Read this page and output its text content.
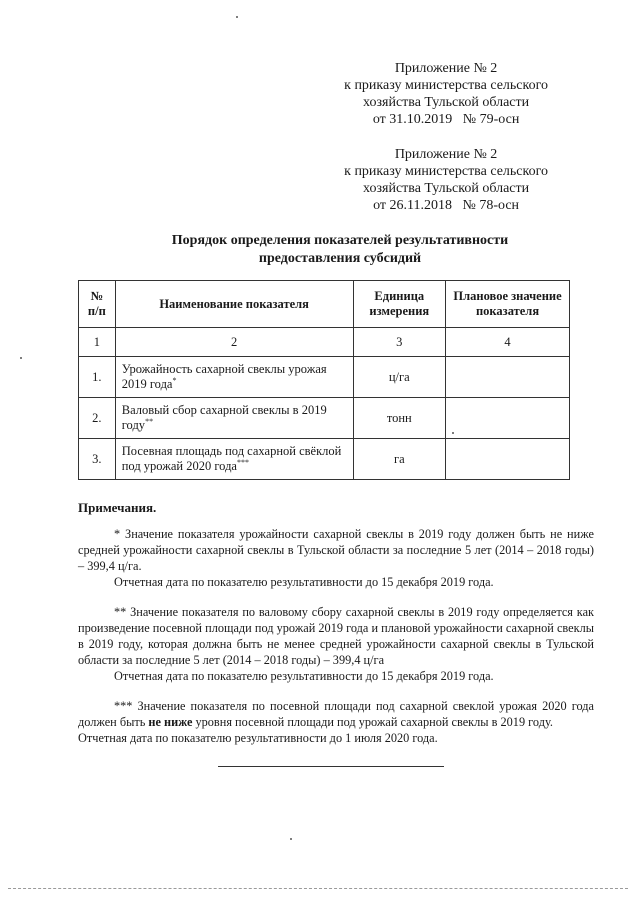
Приложение № 2
к приказу министерства сельского
хозяйства Тульской области
от 31.10.2019   № 79-осн
Приложение № 2
к приказу министерства сельского
хозяйства Тульской области
от 26.11.2018   № 78-осн
Порядок определения показателей результативности
предоставления субсидий
№ п/п	Наименование показателя	Единица измерения	Плановое значение показателя
1	2	3	4
1.	Урожайность сахарной свеклы урожая 2019 года*	ц/га	
2.	Валовый сбор сахарной свеклы в 2019 году**	тонн	
3.	Посевная площадь под сахарной свёклой под урожай 2020 года***	га	
Примечания.

* Значение показателя урожайности сахарной свеклы в 2019 году должен быть не ниже средней урожайности сахарной свеклы в Тульской области за последние 5 лет (2014 – 2018 годы) – 399,4 ц/га.

Отчетная дата по показателю результативности до 15 декабря 2019 года.

** Значение показателя по валовому сбору сахарной свеклы в 2019 году определяется как произведение посевной площади под урожай 2019 года и плановой урожайности сахарной свеклы в 2019 году, которая должна быть не менее средней урожайности сахарной свеклы в Тульской области за последние 5 лет (2014 – 2018 годы) – 399,4 ц/га

Отчетная дата по показателю результативности до 15 декабря 2019 года.

*** Значение показателя по посевной площади под сахарной свеклой урожая 2020 года должен быть не ниже уровня посевной площади под урожай сахарной свеклы в 2019 году.

Отчетная дата по показателю результативности до 1 июля 2020 года.
